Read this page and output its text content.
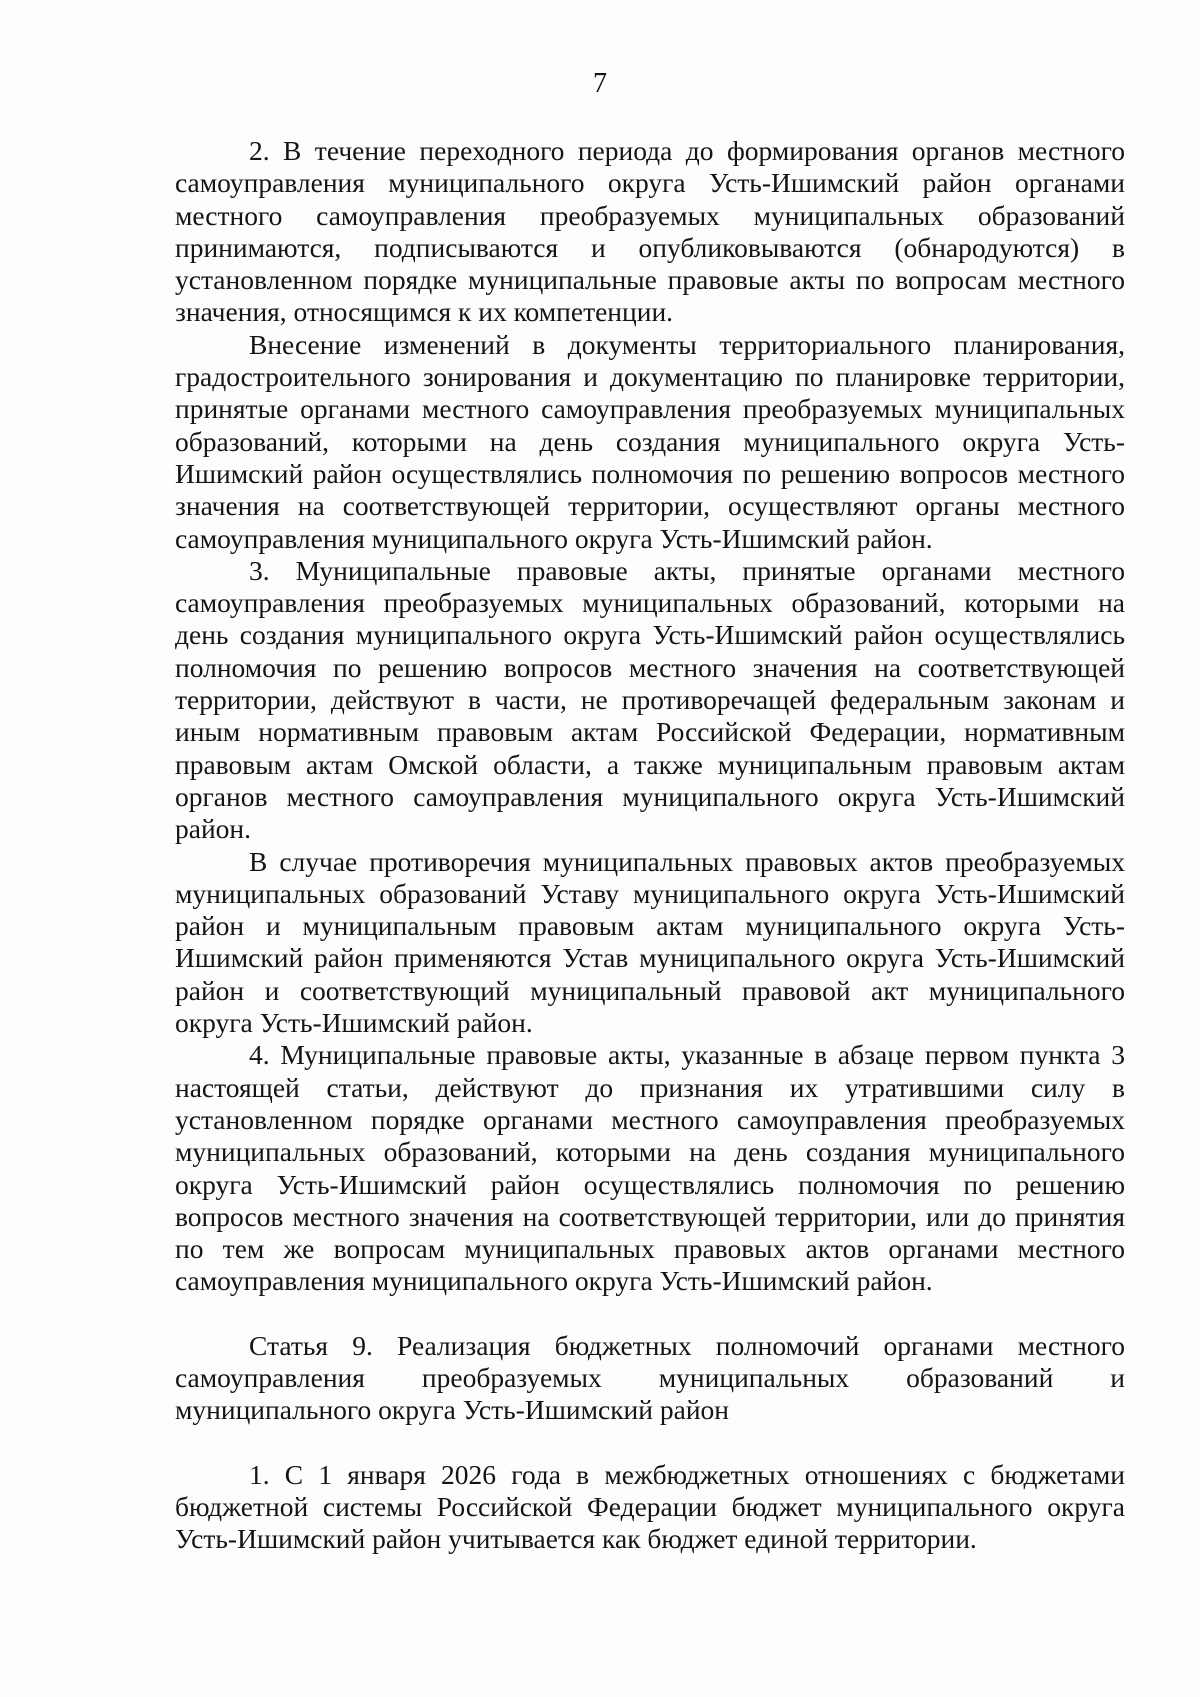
7

2. В течение переходного периода до формирования органов местного самоуправления муниципального округа Усть-Ишимский район органами местного самоуправления преобразуемых муниципальных образований принимаются, подписываются и опубликовываются (обнародуются) в установленном порядке муниципальные правовые акты по вопросам местного значения, относящимся к их компетенции.

Внесение изменений в документы территориального планирования, градостроительного зонирования и документацию по планировке территории, принятые органами местного самоуправления преобразуемых муниципальных образований, которыми на день создания муниципального округа Усть-Ишимский район осуществлялись полномочия по решению вопросов местного значения на соответствующей территории, осуществляют органы местного самоуправления муниципального округа Усть-Ишимский район.

3. Муниципальные правовые акты, принятые органами местного самоуправления преобразуемых муниципальных образований, которыми на день создания муниципального округа Усть-Ишимский район осуществлялись полномочия по решению вопросов местного значения на соответствующей территории, действуют в части, не противоречащей федеральным законам и иным нормативным правовым актам Российской Федерации, нормативным правовым актам Омской области, а также муниципальным правовым актам органов местного самоуправления муниципального округа Усть-Ишимский район.

В случае противоречия муниципальных правовых актов преобразуемых муниципальных образований Уставу муниципального округа Усть-Ишимский район и муниципальным правовым актам муниципального округа Усть-Ишимский район применяются Устав муниципального округа Усть-Ишимский район и соответствующий муниципальный правовой акт муниципального округа Усть-Ишимский район.

4. Муниципальные правовые акты, указанные в абзаце первом пункта 3 настоящей статьи, действуют до признания их утратившими силу в установленном порядке органами местного самоуправления преобразуемых муниципальных образований, которыми на день создания муниципального округа Усть-Ишимский район осуществлялись полномочия по решению вопросов местного значения на соответствующей территории, или до принятия по тем же вопросам муниципальных правовых актов органами местного самоуправления муниципального округа Усть-Ишимский район.

Статья 9. Реализация бюджетных полномочий органами местного самоуправления преобразуемых муниципальных образований и муниципального округа Усть-Ишимский район

1. С 1 января 2026 года в межбюджетных отношениях с бюджетами бюджетной системы Российской Федерации бюджет муниципального округа Усть-Ишимский район учитывается как бюджет единой территории.
